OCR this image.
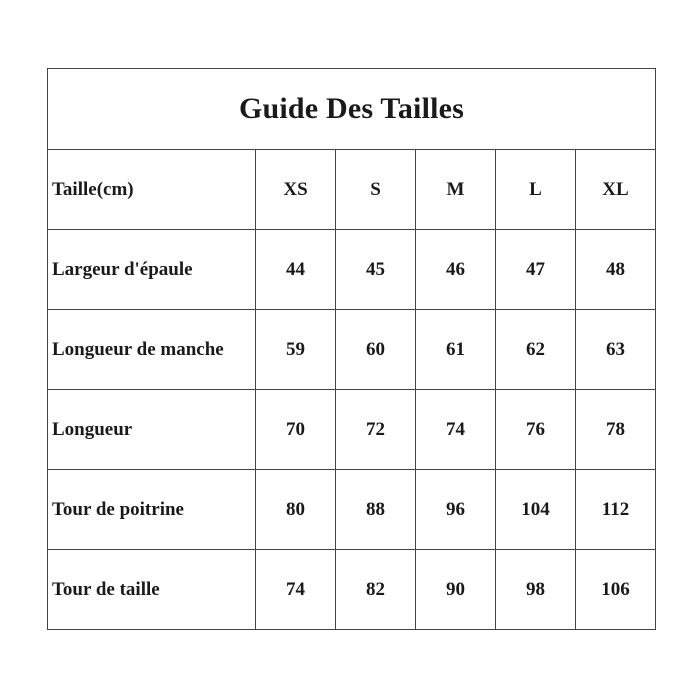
Guide Des Tailles					
Taille(cm)	XS	S	M	L	XL
Largeur d'épaule	44	45	46	47	48
Longueur de manche	59	60	61	62	63
Longueur	70	72	74	76	78
Tour de poitrine	80	88	96	104	112
Tour de taille	74	82	90	98	106
